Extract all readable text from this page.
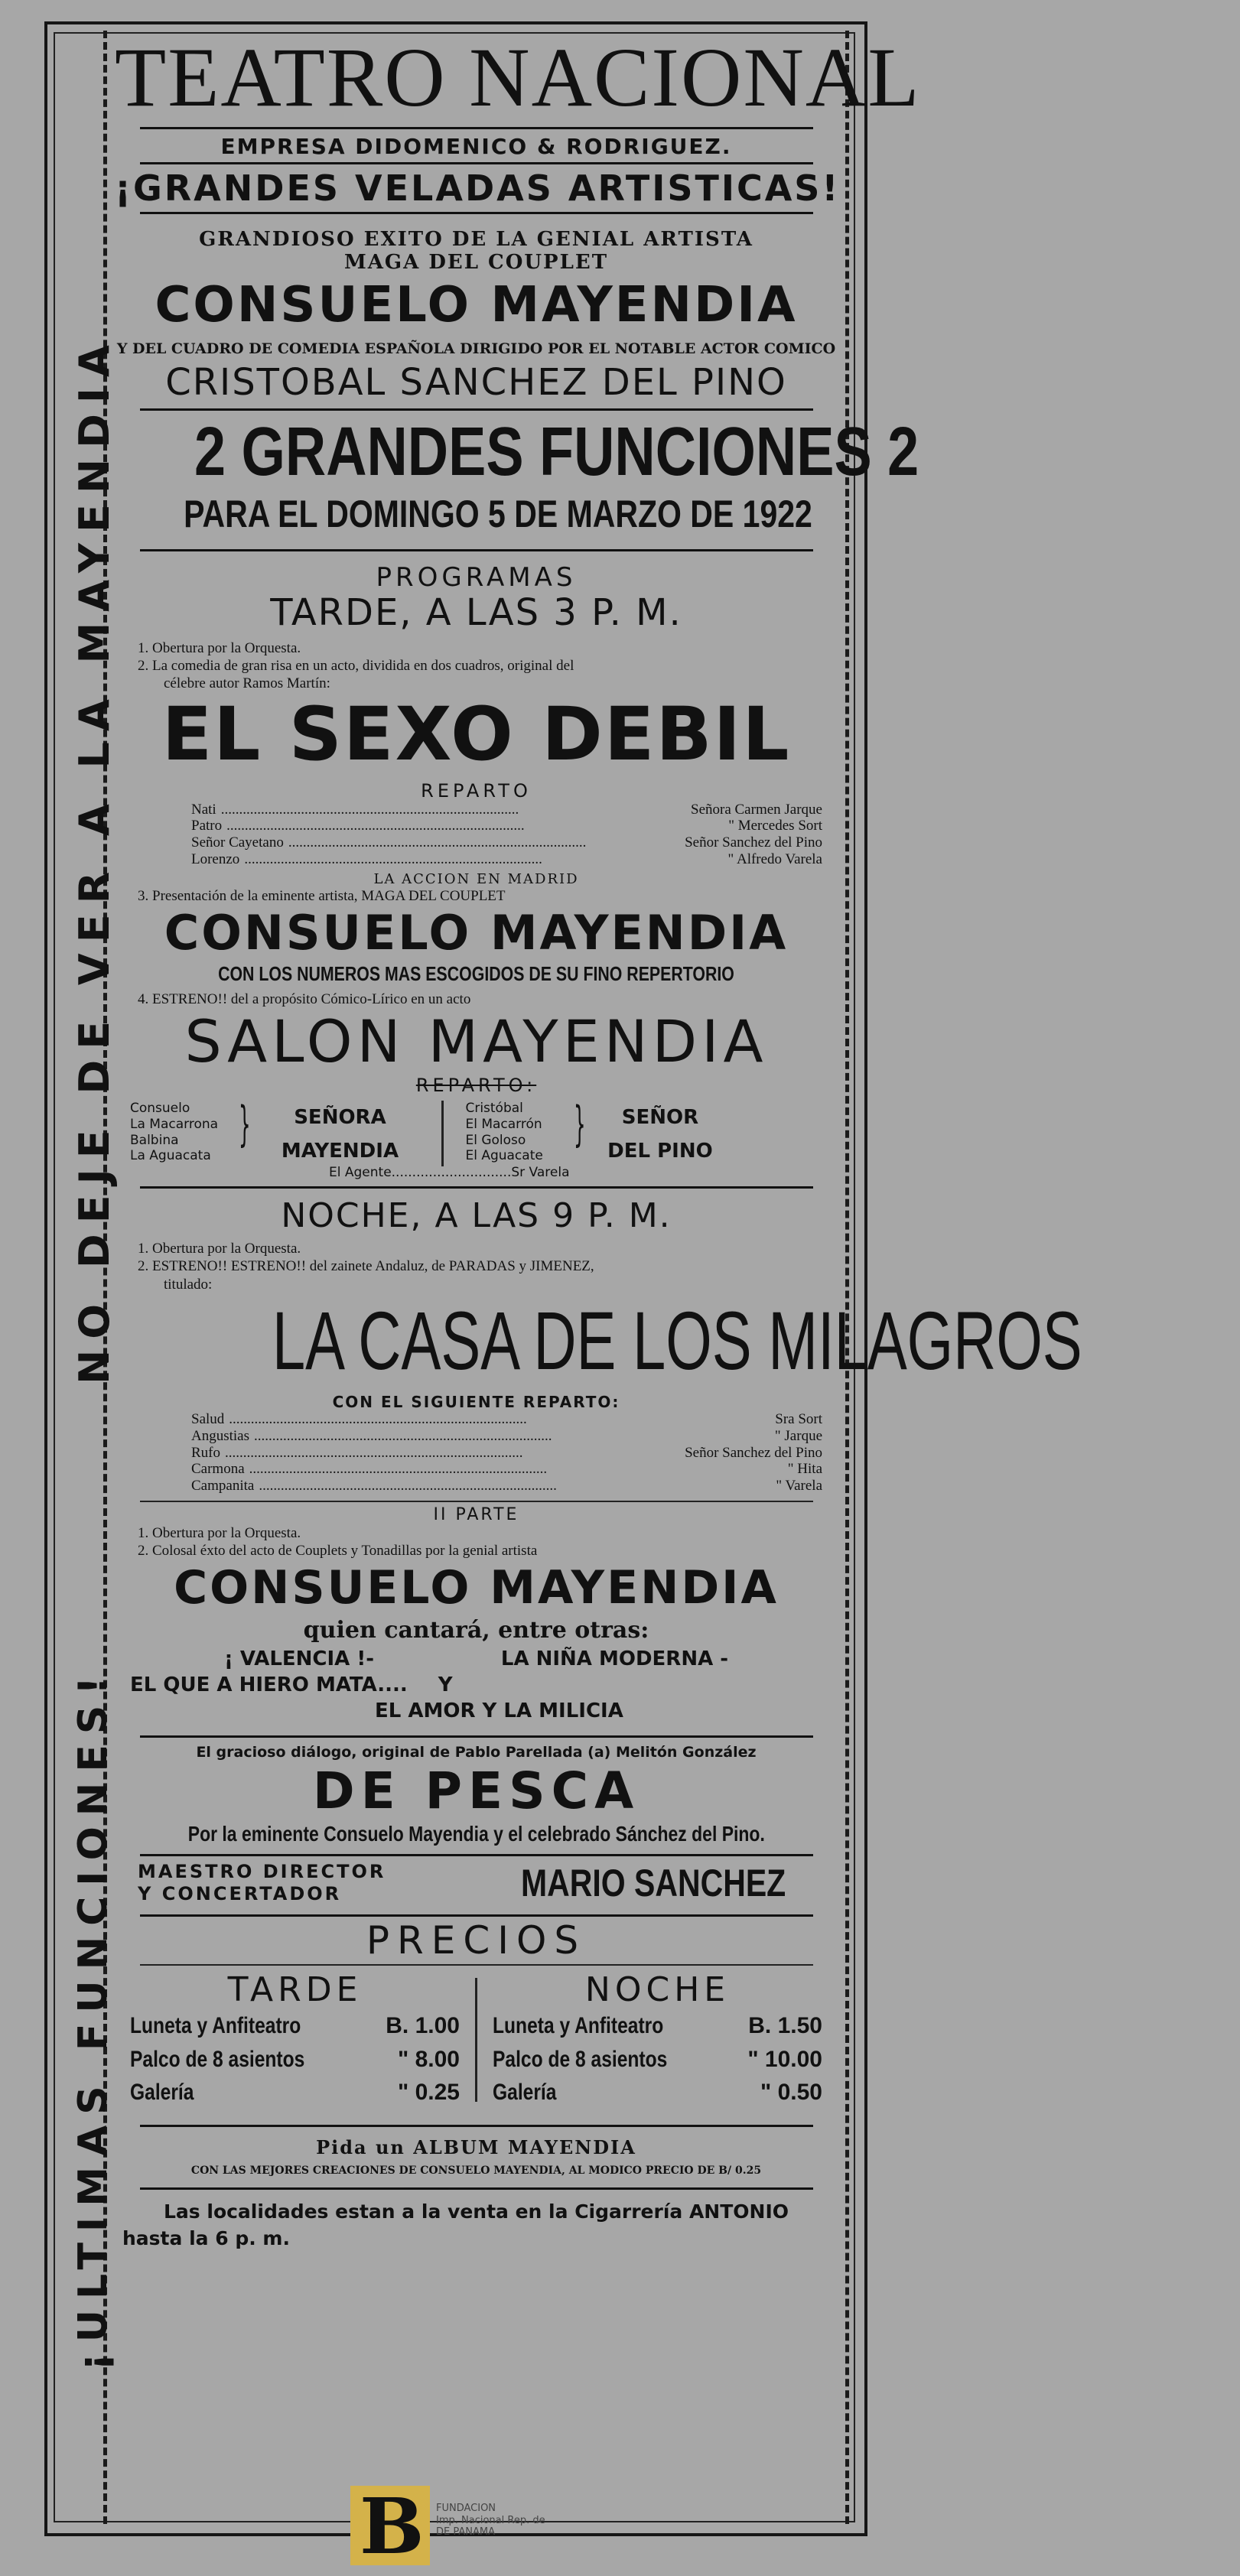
NO DEJE DE VER A LA MAYENDIA
¡ULTIMAS FUNCIONES!
TEATRO NACIONAL
EMPRESA DIDOMENICO & RODRIGUEZ.
¡GRANDES VELADAS ARTISTICAS!
GRANDIOSO EXITO DE LA GENIAL ARTISTA
MAGA DEL COUPLET
CONSUELO MAYENDIA
Y DEL CUADRO DE COMEDIA ESPAÑOLA DIRIGIDO POR EL NOTABLE ACTOR COMICO
CRISTOBAL SANCHEZ DEL PINO
2 GRANDES FUNCIONES 2
PARA EL DOMINGO 5 DE MARZO DE 1922
PROGRAMAS
TARDE, A LAS 3 P. M.
1. Obertura por la Orquesta.
2. La comedia de gran risa en un acto, dividida en dos cuadros, original del
célebre autor Ramos Martín:
EL SEXO DEBIL
REPARTO
Nati ..................................................................................	Señora Carmen Jarque
Patro ..................................................................................	" Mercedes Sort
Señor Cayetano ..................................................................................	Señor Sanchez del Pino
Lorenzo ..................................................................................	" Alfredo Varela
LA ACCION EN MADRID
3. Presentación de la eminente artista, MAGA DEL COUPLET
CONSUELO MAYENDIA
CON LOS NUMEROS MAS ESCOGIDOS DE SU FINO REPERTORIO
4. ESTRENO!! del a propósito Cómico-Lírico en un acto
SALON MAYENDIA
REPARTO:
Consuelo
La Macarrona
Balbina
La Aguacata
}	SEÑORA
MAYENDIA
Cristóbal
El Macarrón
El Goloso
El Aguacate
}	SEÑOR
DEL PINO
El Agente.............................Sr Varela
NOCHE, A LAS 9 P. M.
1. Obertura por la Orquesta.
2. ESTRENO!! ESTRENO!! del zainete Andaluz, de PARADAS y JIMENEZ,
titulado:
LA CASA DE LOS MILAGROS
CON EL SIGUIENTE REPARTO:
Salud ..................................................................................	Sra Sort
Angustias ..................................................................................	" Jarque
Rufo ..................................................................................	Señor Sanchez del Pino
Carmona ..................................................................................	" Hita
Campanita ..................................................................................	" Varela
II PARTE
1. Obertura por la Orquesta.
2. Colosal éxto del acto de Couplets y Tonadillas por la genial artista
CONSUELO MAYENDIA
quien cantará, entre otras:
¡ VALENCIA !-	LA NIÑA MODERNA -
EL QUE A HIERO MATA.... Y
EL AMOR Y LA MILICIA
El gracioso diálogo, original de Pablo Parellada (a) Melitón González
DE PESCA
Por la eminente Consuelo Mayendia y el celebrado Sánchez del Pino.
MAESTRO DIRECTOR
Y CONCERTADOR	MARIO SANCHEZ
PRECIOS
TARDE
Luneta y Anfiteatro	B. 1.00
Palco de 8 asientos	" 8.00
Galería	" 0.25
NOCHE
Luneta y Anfiteatro	B. 1.50
Palco de 8 asientos	" 10.00
Galería	" 0.50
Pida un ALBUM MAYENDIA
CON LAS MEJORES CREACIONES DE CONSUELO MAYENDIA, AL MODICO PRECIO DE B/ 0.25
Las localidades estan a la venta en la Cigarrería ANTONIO
hasta la 6 p. m.
B FUNDACION
Imp. Nacional Rep. de
DE PANAMA
